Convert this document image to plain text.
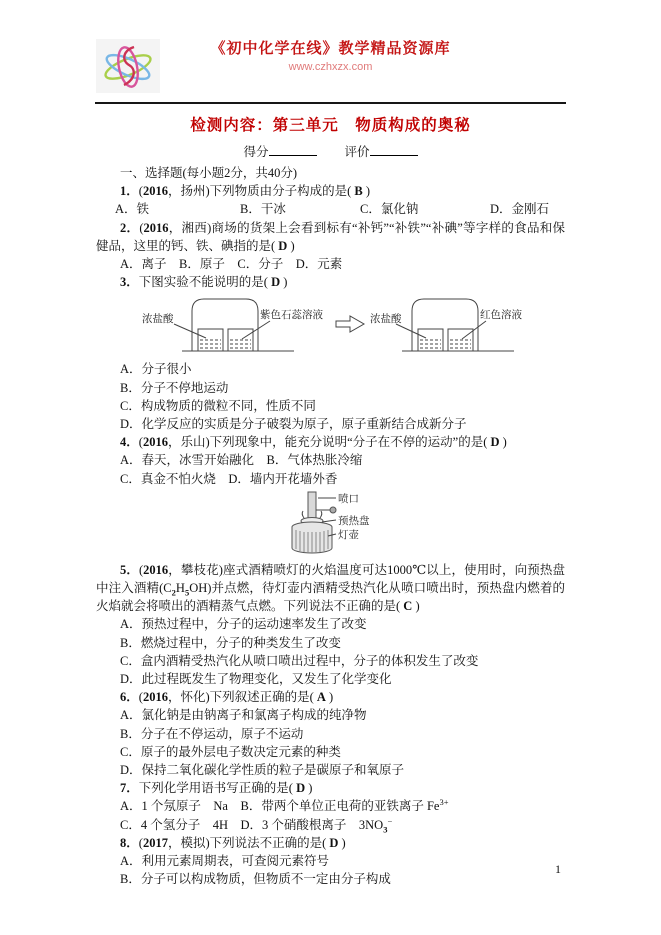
《初中化学在线》教学精品资源库
www.czhxzx.com
检测内容：第三单元　物质构成的奥秘
得分	评价
一、选择题(每小题2分，共40分)
1．(2016，扬州)下列物质由分子构成的是( B )
A．铁	B．干冰	C．氯化钠	D．金刚石
2．(2016，湘西)商场的货架上会看到标有“补钙”“补铁”“补碘”等字样的食品和保健品，这里的钙、铁、碘指的是( D )
A．离子　B．原子　C．分子　D．元素
3．下图实验不能说明的是( D )
浓盐酸	紫色石蕊溶液	浓盐酸	红色溶液
A．分子很小
B．分子不停地运动
C．构成物质的微粒不同，性质不同
D．化学反应的实质是分子破裂为原子，原子重新结合成新分子
4．(2016，乐山)下列现象中，能充分说明“分子在不停的运动”的是( D )
A．春天，冰雪开始融化　B．气体热胀冷缩
C．真金不怕火烧　D．墙内开花墙外香
喷口
预热盘
灯壶
5．(2016，攀枝花)座式酒精喷灯的火焰温度可达1000℃以上，使用时，向预热盘中注入酒精$(C_2H_5OH)$并点燃，待灯壶内酒精受热汽化从喷口喷出时，预热盘内燃着的火焰就会将喷出的酒精蒸气点燃。下列说法不正确的是( C )
A．预热过程中，分子的运动速率发生了改变
B．燃烧过程中，分子的种类发生了改变
C．盒内酒精受热汽化从喷口喷出过程中，分子的体积发生了改变
D．此过程既发生了物理变化，又发生了化学变化
6．(2016，怀化)下列叙述正确的是( A )
A．氯化钠是由钠离子和氯离子构成的纯净物
B．分子在不停运动，原子不运动
C．原子的最外层电子数决定元素的种类
D．保持二氧化碳化学性质的粒子是碳原子和氧原子
7．下列化学用语书写正确的是( D )
A．1 个氖原子　Na　B．带两个单位正电荷的亚铁离子 $Fe^{3+}$
C．4 个氢分子　4H　D．3 个硝酸根离子　$3NO_3^-$
8．(2017，模拟)下列说法不正确的是( D )
A．利用元素周期表，可查阅元素符号
B．分子可以构成物质，但物质不一定由分子构成
1
